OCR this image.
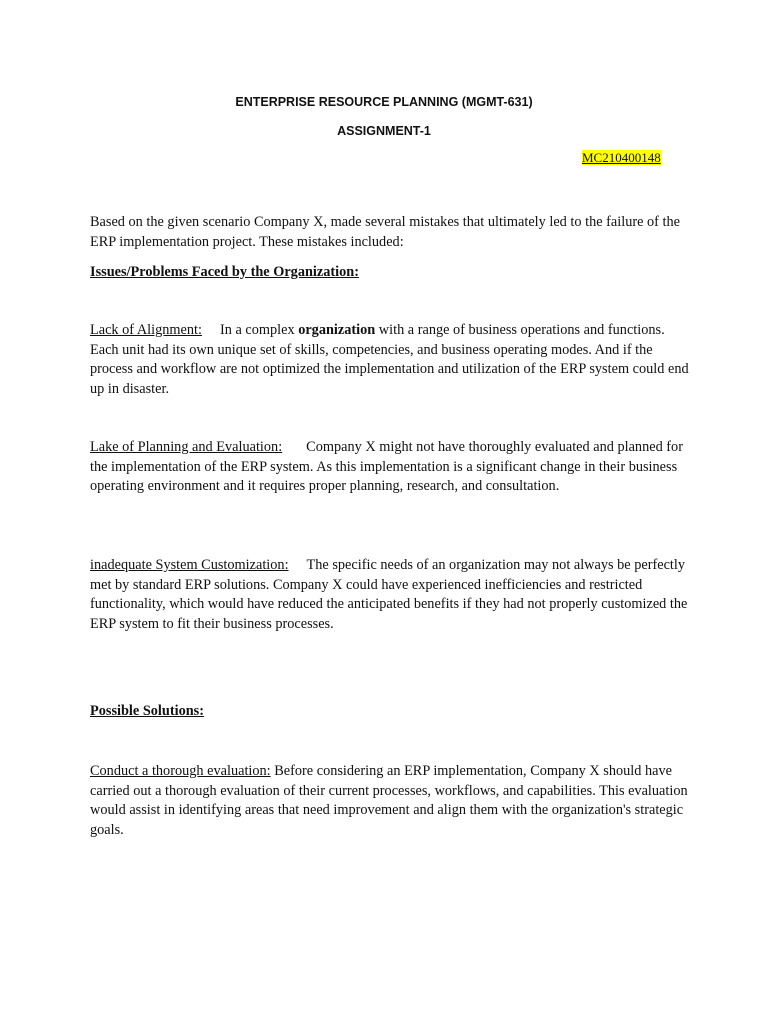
ENTERPRISE RESOURCE PLANNING (MGMT-631)
ASSIGNMENT-1
MC210400148

Based on the given scenario Company X, made several mistakes that ultimately led to the failure of the ERP implementation project. These mistakes included:

Issues/Problems Faced by the Organization:

Lack of Alignment: In a complex organization with a range of business operations and functions. Each unit had its own unique set of skills, competencies, and business operating modes. And if the process and workflow are not optimized the implementation and utilization of the ERP system could end up in disaster.

Lake of Planning and Evaluation: Company X might not have thoroughly evaluated and planned for the implementation of the ERP system. As this implementation is a significant change in their business operating environment and it requires proper planning, research, and consultation.

inadequate System Customization: The specific needs of an organization may not always be perfectly met by standard ERP solutions. Company X could have experienced inefficiencies and restricted functionality, which would have reduced the anticipated benefits if they had not properly customized the ERP system to fit their business processes.

Possible Solutions:

Conduct a thorough evaluation: Before considering an ERP implementation, Company X should have carried out a thorough evaluation of their current processes, workflows, and capabilities. This evaluation would assist in identifying areas that need improvement and align them with the organization's strategic goals.
